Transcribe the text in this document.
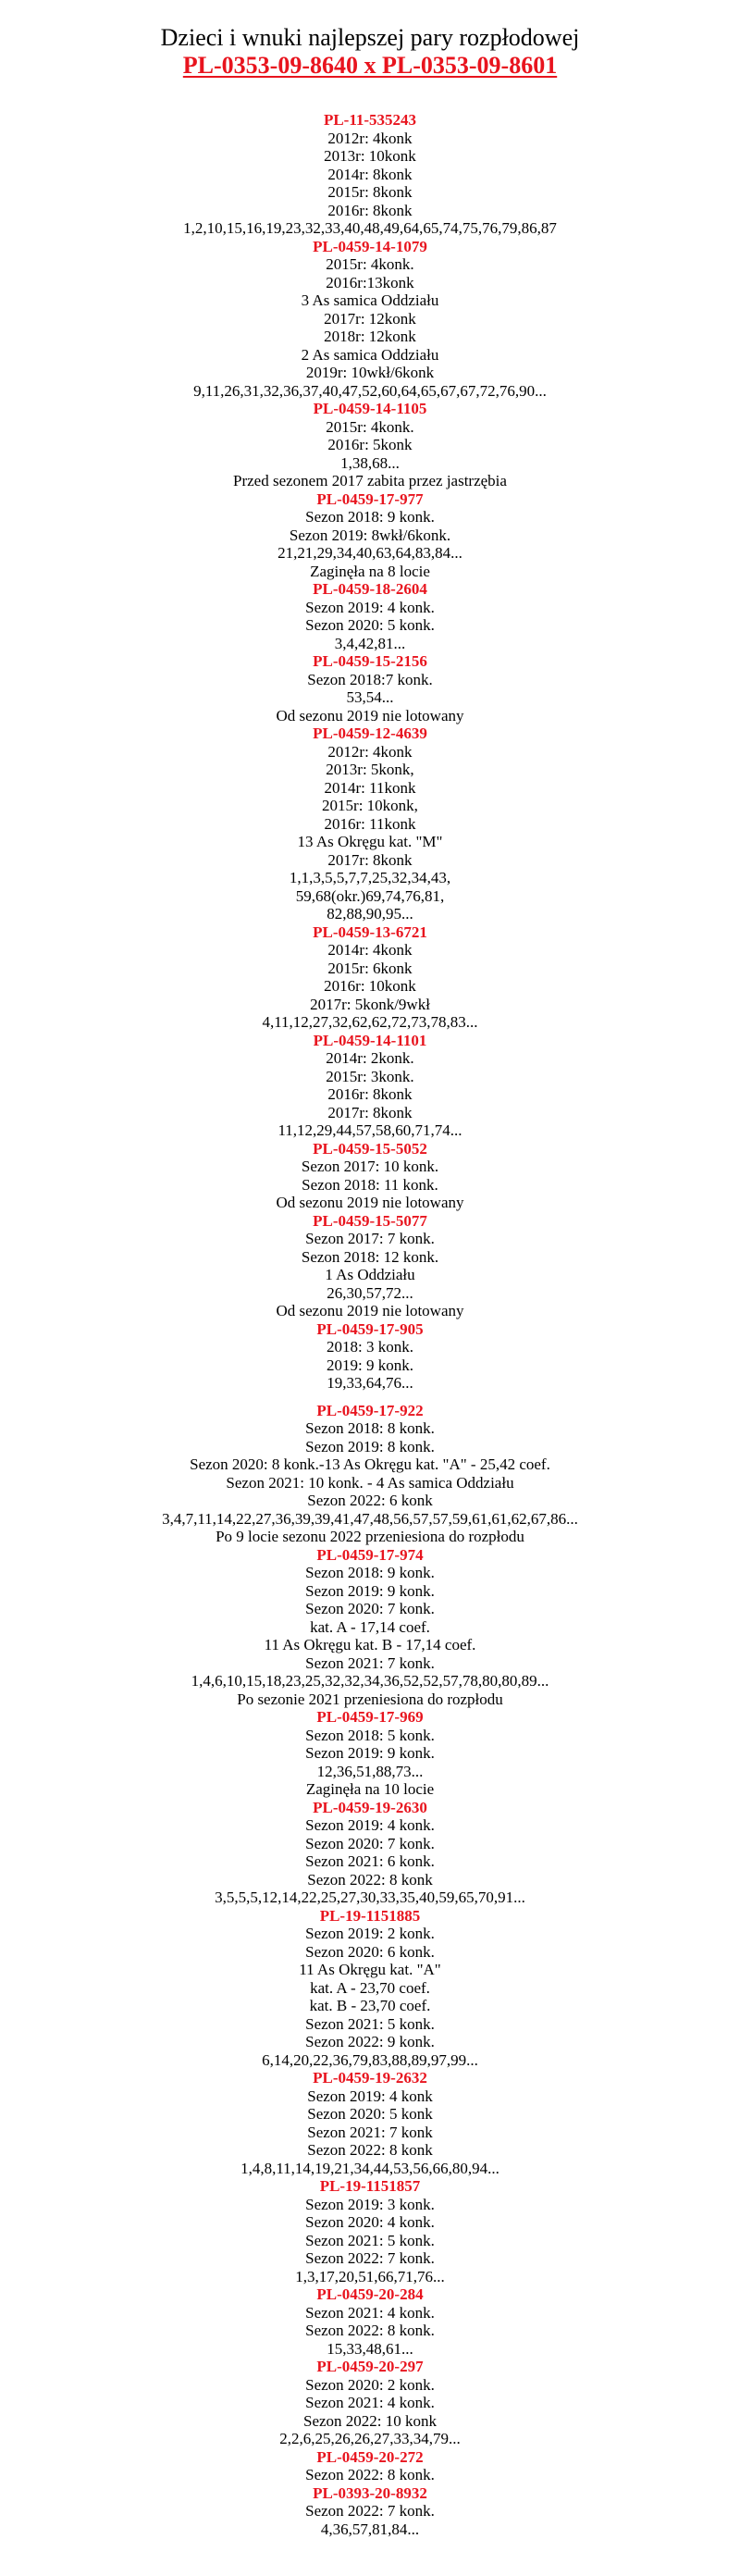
Dzieci i wnuki najlepszej pary rozpłodowej
PL-0353-09-8640 x PL-0353-09-8601
PL-11-535243
2012r: 4konk
2013r: 10konk
2014r: 8konk
2015r: 8konk
2016r: 8konk
1,2,10,15,16,19,23,32,33,40,48,49,64,65,74,75,76,79,86,87
PL-0459-14-1079
2015r: 4konk.
2016r:13konk
3 As samica Oddziału
2017r: 12konk
2018r: 12konk
2 As samica Oddziału
2019r: 10wkł/6konk
9,11,26,31,32,36,37,40,47,52,60,64,65,67,67,72,76,90...
PL-0459-14-1105
2015r: 4konk.
2016r: 5konk
1,38,68...
Przed sezonem 2017 zabita przez jastrzębia
PL-0459-17-977
Sezon 2018: 9 konk.
Sezon 2019: 8wkł/6konk.
21,21,29,34,40,63,64,83,84...
Zaginęła na 8 locie
PL-0459-18-2604
Sezon 2019: 4 konk.
Sezon 2020: 5 konk.
3,4,42,81...
PL-0459-15-2156
Sezon 2018:7 konk.
53,54...
Od sezonu 2019 nie lotowany
PL-0459-12-4639
2012r: 4konk
2013r: 5konk,
2014r: 11konk
2015r: 10konk,
2016r: 11konk
13 As Okręgu kat. "M"
2017r: 8konk
1,1,3,5,5,7,7,25,32,34,43,
59,68(okr.)69,74,76,81,
82,88,90,95...
PL-0459-13-6721
2014r: 4konk
2015r: 6konk
2016r: 10konk
2017r: 5konk/9wkł
4,11,12,27,32,62,62,72,73,78,83...
PL-0459-14-1101
2014r: 2konk.
2015r: 3konk.
2016r: 8konk
2017r: 8konk
11,12,29,44,57,58,60,71,74...
PL-0459-15-5052
Sezon 2017: 10 konk.
Sezon 2018: 11 konk.
Od sezonu 2019 nie lotowany
PL-0459-15-5077
Sezon 2017: 7 konk.
Sezon 2018: 12 konk.
1 As Oddziału
26,30,57,72...
Od sezonu 2019 nie lotowany
PL-0459-17-905
2018: 3 konk.
2019: 9 konk.
19,33,64,76...
PL-0459-17-922
Sezon 2018: 8 konk.
Sezon 2019: 8 konk.
Sezon 2020: 8 konk.-13 As Okręgu kat. "A" - 25,42 coef.
Sezon 2021: 10 konk. - 4 As samica Oddziału
Sezon 2022: 6 konk
3,4,7,11,14,22,27,36,39,39,41,47,48,56,57,57,59,61,61,62,67,86...
Po 9 locie sezonu 2022 przeniesiona do rozpłodu
PL-0459-17-974
Sezon 2018: 9 konk.
Sezon 2019: 9 konk.
Sezon 2020: 7 konk.
kat. A - 17,14 coef.
11 As Okręgu kat. B - 17,14 coef.
Sezon 2021: 7 konk.
1,4,6,10,15,18,23,25,32,32,34,36,52,52,57,78,80,80,89...
Po sezonie 2021 przeniesiona do rozpłodu
PL-0459-17-969
Sezon 2018: 5 konk.
Sezon 2019: 9 konk.
12,36,51,88,73...
Zaginęła na 10 locie
PL-0459-19-2630
Sezon 2019: 4 konk.
Sezon 2020: 7 konk.
Sezon 2021: 6 konk.
Sezon 2022: 8 konk
3,5,5,5,12,14,22,25,27,30,33,35,40,59,65,70,91...
PL-19-1151885
Sezon 2019: 2 konk.
Sezon 2020: 6 konk.
11 As Okręgu kat. "A"
kat. A - 23,70 coef.
kat. B - 23,70 coef.
Sezon 2021: 5 konk.
Sezon 2022: 9 konk.
6,14,20,22,36,79,83,88,89,97,99...
PL-0459-19-2632
Sezon 2019: 4 konk
Sezon 2020: 5 konk
Sezon 2021: 7 konk
Sezon 2022: 8 konk
1,4,8,11,14,19,21,34,44,53,56,66,80,94...
PL-19-1151857
Sezon 2019: 3 konk.
Sezon 2020: 4 konk.
Sezon 2021: 5 konk.
Sezon 2022: 7 konk.
1,3,17,20,51,66,71,76...
PL-0459-20-284
Sezon 2021: 4 konk.
Sezon 2022: 8 konk.
15,33,48,61...
PL-0459-20-297
Sezon 2020: 2 konk.
Sezon 2021: 4 konk.
Sezon 2022: 10 konk
2,2,6,25,26,26,27,33,34,79...
PL-0459-20-272
Sezon 2022: 8 konk.
PL-0393-20-8932
Sezon 2022: 7 konk.
4,36,57,81,84...
